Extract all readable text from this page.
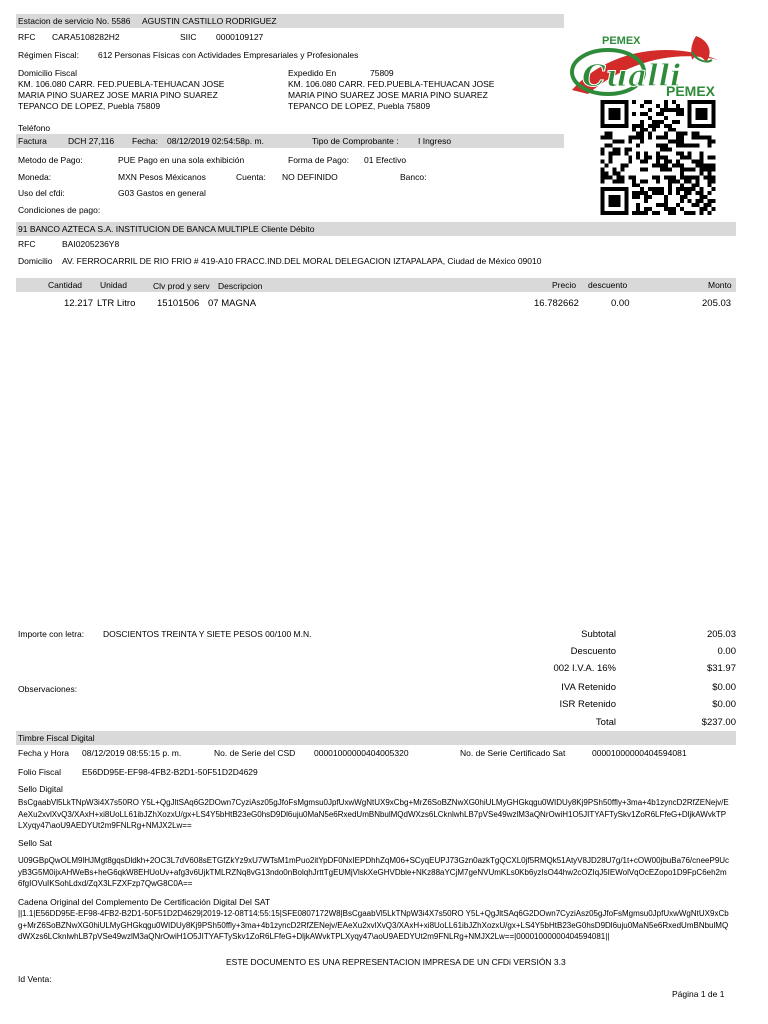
Estacion de servicio No. 5586 AGUSTIN CASTILLO RODRIGUEZ
RFC CARA5108282H2	SIIC 0000109127
Régimen Fiscal: 612 Personas Físicas con Actividades Empresariales y Profesionales
Domicilio Fiscal
KM. 106.080 CARR. FED.PUEBLA-TEHUACAN JOSE
MARIA PINO SUAREZ JOSE MARIA PINO SUAREZ
TEPANCO DE LOPEZ, Puebla 75809
Expedido En	75809
KM. 106.080 CARR. FED.PUEBLA-TEHUACAN JOSE
MARIA PINO SUAREZ JOSE MARIA PINO SUAREZ
TEPANCO DE LOPEZ, Puebla 75809
Teléfono
PEMEX
Cualli
PEMEX
Factura DCH 27,116 Fecha: 08/12/2019 02:54:58p. m.	Tipo de Comprobante : I Ingreso
Metodo de Pago:	PUE Pago en una sola exhibición	Forma de Pago: 01 Efectivo
Moneda:	MXN Pesos Méxicanos	Cuenta: NO DEFINIDO	Banco:
Uso del cfdi:	G03 Gastos en general
Condiciones de pago:
91 BANCO AZTECA S.A. INSTITUCION DE BANCA MULTIPLE Cliente Débito
RFC	BAI0205236Y8
Domicilio AV. FERROCARRIL DE RIO FRIO # 419-A10 FRACC.IND.DEL MORAL DELEGACION IZTAPALAPA, Ciudad de México 09010
Cantidad Unidad	Clv prod y serv Descripcion	Precio descuento	Monto
12.217 LTR Litro 15101506 07 MAGNA	16.782662	0.00	205.03
Importe con letra: DOSCIENTOS TREINTA Y SIETE PESOS 00/100 M.N.
Observaciones:
Subtotal	205.03
Descuento	0.00
002 I.V.A. 16%	$31.97
IVA Retenido	$0.00
ISR Retenido	$0.00
Total	$237.00
Timbre Fiscal Digital
Fecha y Hora 08/12/2019 08:55:15 p. m.	No. de Serie del CSD 00001000000404005320	No. de Serie Certificado Sat	00001000000404594081
Folio Fiscal E56DD95E-EF98-4FB2-B2D1-50F51D2D4629
Sello Digital
BsCgaabVl5LkTNpW3i4X7s50RO Y5L+QgJltSAq6G2DOwn7CyziAsz05gJfoFsMgmsu0JpfUxwWgNtUX9xCbg+MrZ6SoBZNwXG0hiULMyGHGkqgu0WIDUy8Kj9PSh50ffly+3ma+4b1zyncD2RfZENejv/EAeXu2xvlXvQ3/XAxH+xi8UoLL61ibJZhXozxU/gx+LS4Y5bHtB23eG0hsD9Dl6uju0MaN5e6RxedUmBNbulMQdWXzs6LCknlwhLB7pVSe49wzlM3aQNrOwiH1O5JITYAFTySkv1ZoR6LFfeG+DljkAWvkTPLXyqy47\aoU9AEDYUt2m9FNLRg+NMJX2Lw==
Sello Sat
U09GBpQwOLM9lHJMgt8gqsDldkh+2OC3L7dV608sETGfZkYz9xU7WTsM1mPuo2itYpDF0NxIEPDhhZqM06+SCyqEUPJ73Gzn0azkTgQCXL0jf5RMQk51AtyV8JD28U7g/1t+cOW00jbuBa76/cneeP9UcyB3G5M0ijxAHWeBs+heG6qkW8EHUoUv+afg3v6UjkTMLRZNq8vG13ndo0nBolqhJrttTgEUMjVlskXeGHVDble+NKz88aYCjM7geNVUmKLs0Kb6yzIsO44hw2cOZIqJ5IEWolVqOcEZopo1D9FpC6eh2m6fgIOVuIKSohLdxd/ZqX3LFZXFzp7QwG8C0A==
Cadena Original del Complemento De Certificación Digital Del SAT
||1.1|E56DD95E-EF98-4FB2-B2D1-50F51D2D4629|2019-12-08T14:55:15|SFE0807172W8|BsCgaabVl5LkTNpW3i4X7s50RO Y5L+QgJltSAq6G2DOwn7CyziAsz05gJfoFsMgmsu0JpfUxwWgNtUX9xCbg+MrZ6SoBZNwXG0hiULMyGHGkqgu0WIDUy8Kj9PSh50ffly+3ma+4b1zyncD2RfZENejv/EAeXu2xvlXvQ3/XAxH+xi8UoLL61ibJZhXozxU/gx+LS4Y5bHtB23eG0hsD9Dl6uju0MaN5e6RxedUmBNbulMQdWXzs6LCknlwhLB7pVSe49wzlM3aQNrOwiH1O5JITYAFTySkv1ZoR6LFfeG+DljkAWvkTPLXyqy47\aoU9AEDYUt2m9FNLRg+NMJX2Lw==|00001000000404594081||
ESTE DOCUMENTO ES UNA REPRESENTACION IMPRESA DE UN CFDi VERSIÓN 3.3
Id Venta:
Página 1 de 1
